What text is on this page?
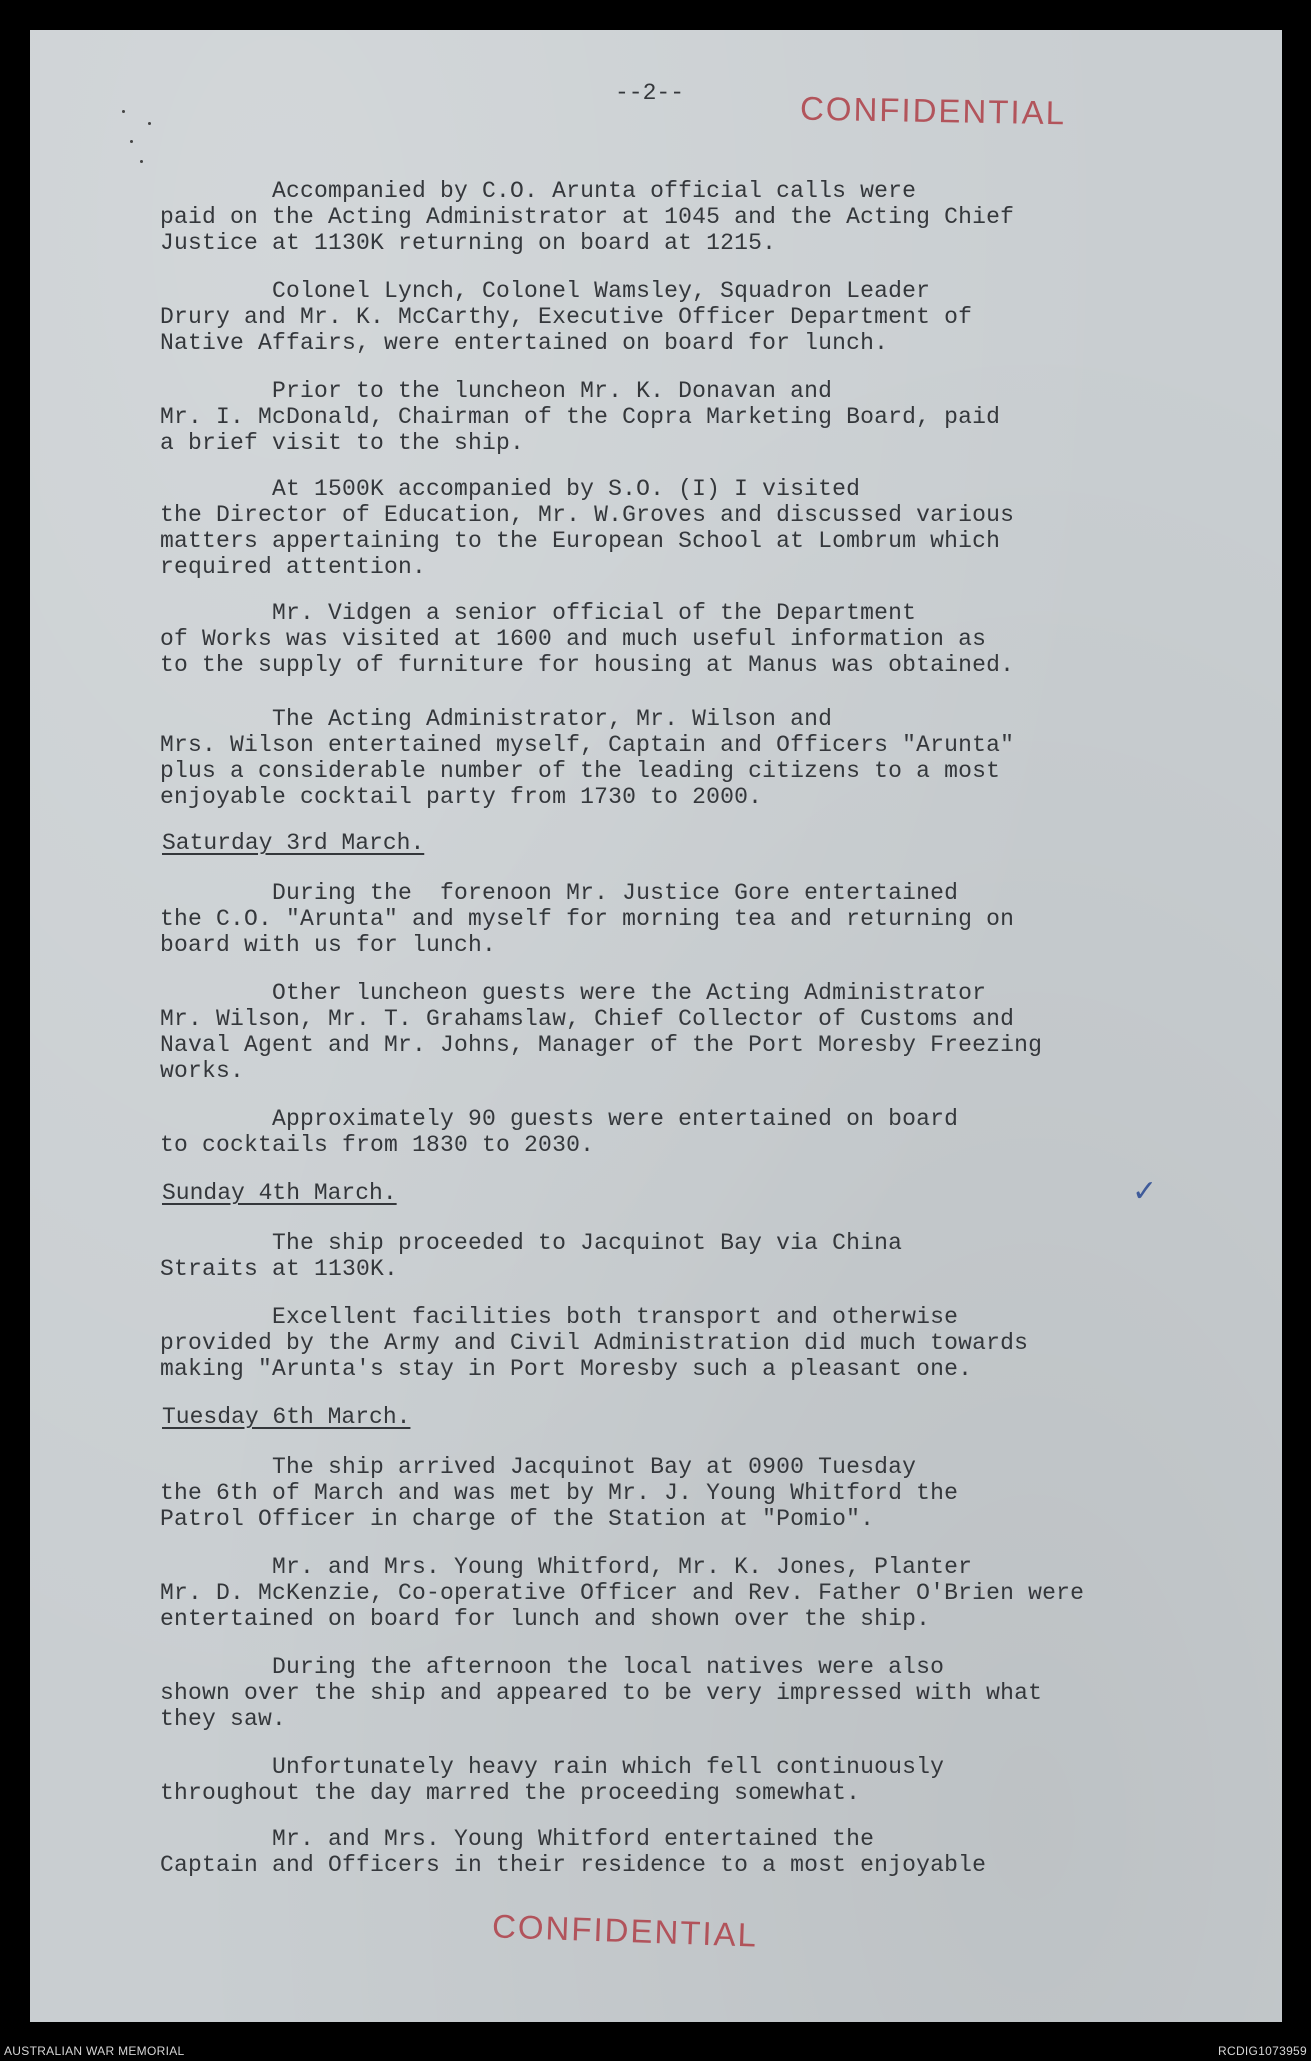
--2--	CONFIDENTIAL
Accompanied by C.O. Arunta official calls were
paid on the Acting Administrator at 1045 and the Acting Chief
Justice at 1130K returning on board at 1215.
Colonel Lynch, Colonel Wamsley, Squadron Leader
Drury and Mr. K. McCarthy, Executive Officer Department of
Native Affairs, were entertained on board for lunch.
Prior to the luncheon Mr. K. Donavan and
Mr. I. McDonald, Chairman of the Copra Marketing Board, paid
a brief visit to the ship.
At 1500K accompanied by S.O. (I) I visited
the Director of Education, Mr. W.Groves and discussed various
matters appertaining to the European School at Lombrum which
required attention.
Mr. Vidgen a senior official of the Department
of Works was visited at 1600 and much useful information as
to the supply of furniture for housing at Manus was obtained.
The Acting Administrator, Mr. Wilson and
Mrs. Wilson entertained myself, Captain and Officers "Arunta"
plus a considerable number of the leading citizens to a most
enjoyable cocktail party from 1730 to 2000.
Saturday 3rd March.
During the  forenoon Mr. Justice Gore entertained
the C.O. "Arunta" and myself for morning tea and returning on
board with us for lunch.
Other luncheon guests were the Acting Administrator
Mr. Wilson, Mr. T. Grahamslaw, Chief Collector of Customs and
Naval Agent and Mr. Johns, Manager of the Port Moresby Freezing
works.
Approximately 90 guests were entertained on board
to cocktails from 1830 to 2030.
Sunday 4th March.	✓
The ship proceeded to Jacquinot Bay via China
Straits at 1130K.
Excellent facilities both transport and otherwise
provided by the Army and Civil Administration did much towards
making "Arunta's stay in Port Moresby such a pleasant one.
Tuesday 6th March.
The ship arrived Jacquinot Bay at 0900 Tuesday
the 6th of March and was met by Mr. J. Young Whitford the
Patrol Officer in charge of the Station at "Pomio".
Mr. and Mrs. Young Whitford, Mr. K. Jones, Planter
Mr. D. McKenzie, Co-operative Officer and Rev. Father O'Brien were
entertained on board for lunch and shown over the ship.
During the afternoon the local natives were also
shown over the ship and appeared to be very impressed with what
they saw.
Unfortunately heavy rain which fell continuously
throughout the day marred the proceeding somewhat.
Mr. and Mrs. Young Whitford entertained the
Captain and Officers in their residence to a most enjoyable
CONFIDENTIAL
AUSTRALIAN WAR MEMORIAL	RCDIG1073959
